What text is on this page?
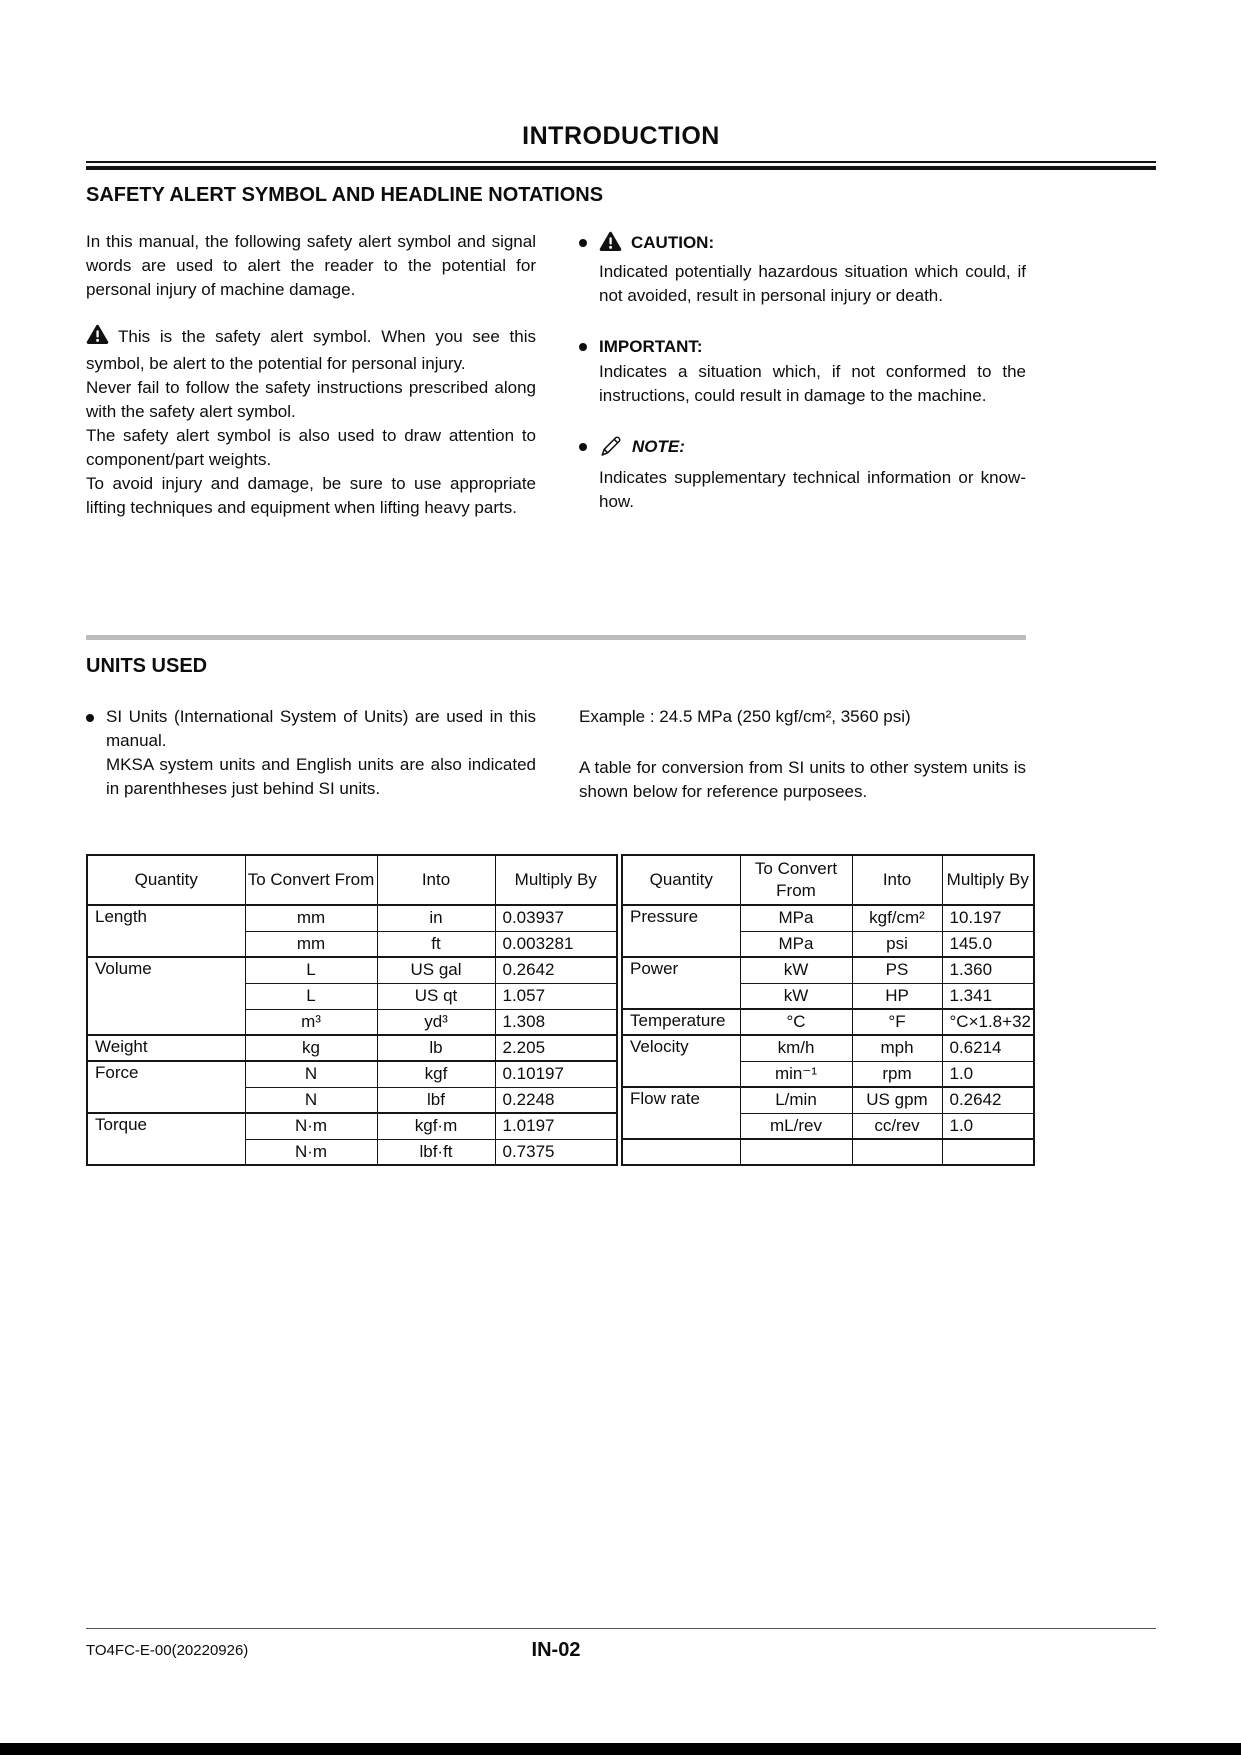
INTRODUCTION
SAFETY ALERT SYMBOL AND HEADLINE NOTATIONS

In this manual, the following safety alert symbol and signal words are used to alert the reader to the potential for personal injury of machine damage.

This is the safety alert symbol. When you see this symbol, be alert to the potential for personal injury.

Never fail to follow the safety instructions prescribed along with the safety alert symbol.

The safety alert symbol is also used to draw attention to component/part weights.

To avoid injury and damage, be sure to use appropriate lifting techniques and equipment when lifting heavy parts.

CAUTION:

Indicated potentially hazardous situation which could, if not avoided, result in personal injury or death.

IMPORTANT:

Indicates a situation which, if not conformed to the instructions, could result in damage to the machine.

NOTE:

Indicates supplementary technical information or know-how.

UNITS USED

SI Units (International System of Units) are used in this manual.

MKSA system units and English units are also indicated in parenthheses just behind SI units.

Example : 24.5 MPa (250 kgf/cm², 3560 psi)

A table for conversion from SI units to other system units is shown below for reference purposees.

Quantity	To Convert From	Into	Multiply By
Length	mm	in	0.03937
	mm	ft	0.003281
Volume	L	US gal	0.2642
	L	US qt	1.057
	m³	yd³	1.308
Weight	kg	lb	2.205
Force	N	kgf	0.10197
	N	lbf	0.2248
Torque	N·m	kgf·m	1.0197
	N·m	lbf·ft	0.7375
Quantity	To Convert From	Into	Multiply By
Pressure	MPa	kgf/cm²	10.197
	MPa	psi	145.0
Power	kW	PS	1.360
	kW	HP	1.341
Temperature	°C	°F	°C×1.8+32
Velocity	km/h	mph	0.6214
	min⁻¹	rpm	1.0
Flow rate	L/min	US gpm	0.2642
	mL/rev	cc/rev	1.0

TO4FC-E-00(20220926)	IN-02
